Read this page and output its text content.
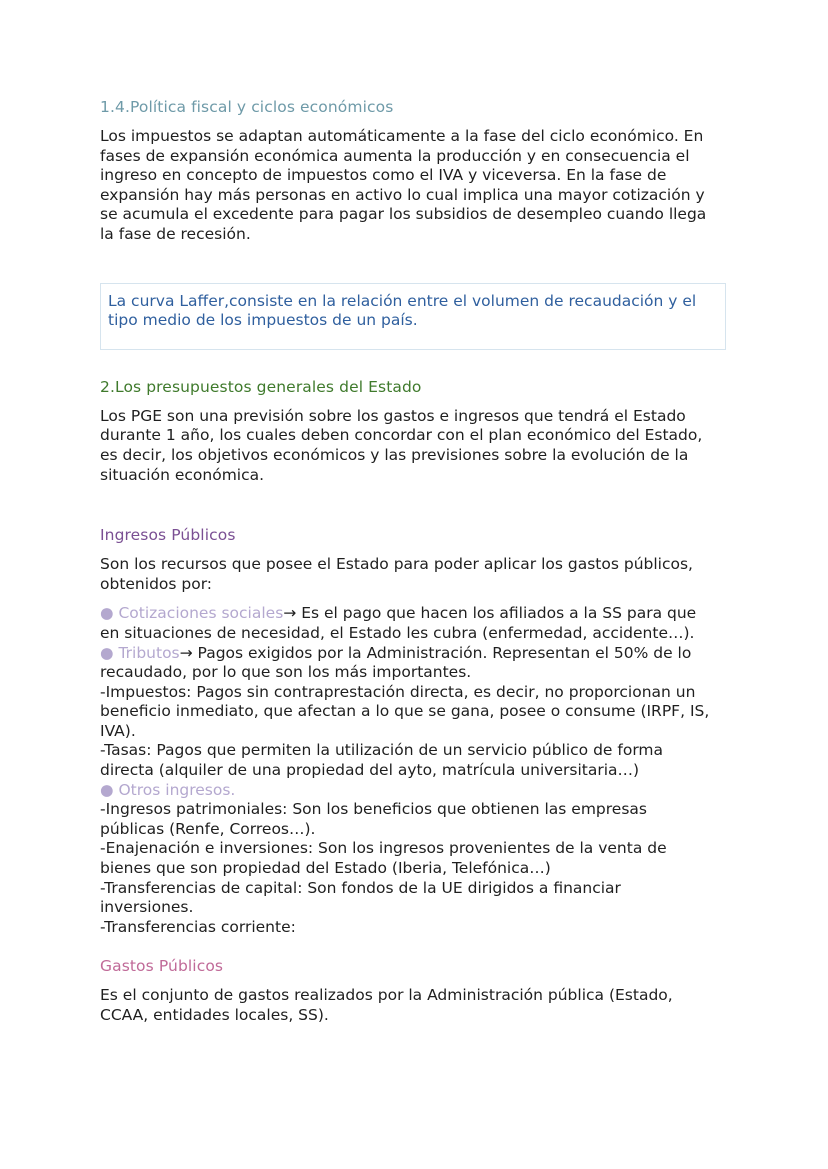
1.4.Política fiscal y ciclos económicos

Los impuestos se adaptan automáticamente a la fase del ciclo económico. En
fases de expansión económica aumenta la producción y en consecuencia el
ingreso en concepto de impuestos como el IVA y viceversa. En la fase de
expansión hay más personas en activo lo cual implica una mayor cotización y
se acumula el excedente para pagar los subsidios de desempleo cuando llega
la fase de recesión.

La curva Laffer,consiste en la relación entre el volumen de recaudación y el
tipo medio de los impuestos de un país.

2.Los presupuestos generales del Estado

Los PGE son una previsión sobre los gastos e ingresos que tendrá el Estado
durante 1 año, los cuales deben concordar con el plan económico del Estado,
es decir, los objetivos económicos y las previsiones sobre la evolución de la
situación económica.

Ingresos Públicos

Son los recursos que posee el Estado para poder aplicar los gastos públicos,
obtenidos por:

● Cotizaciones sociales→ Es el pago que hacen los afiliados a la SS para que
en situaciones de necesidad, el Estado les cubra (enfermedad, accidente…).
● Tributos→ Pagos exigidos por la Administración. Representan el 50% de lo
recaudado, por lo que son los más importantes.
-Impuestos: Pagos sin contraprestación directa, es decir, no proporcionan un
beneficio inmediato, que afectan a lo que se gana, posee o consume (IRPF, IS,
IVA).
-Tasas: Pagos que permiten la utilización de un servicio público de forma
directa (alquiler de una propiedad del ayto, matrícula universitaria…)
● Otros ingresos.
-Ingresos patrimoniales: Son los beneficios que obtienen las empresas
públicas (Renfe, Correos…).
-Enajenación e inversiones: Son los ingresos provenientes de la venta de
bienes que son propiedad del Estado (Iberia, Telefónica…)
-Transferencias de capital: Son fondos de la UE dirigidos a financiar
inversiones.
-Transferencias corriente:

Gastos Públicos

Es el conjunto de gastos realizados por la Administración pública (Estado,
CCAA, entidades locales, SS).
